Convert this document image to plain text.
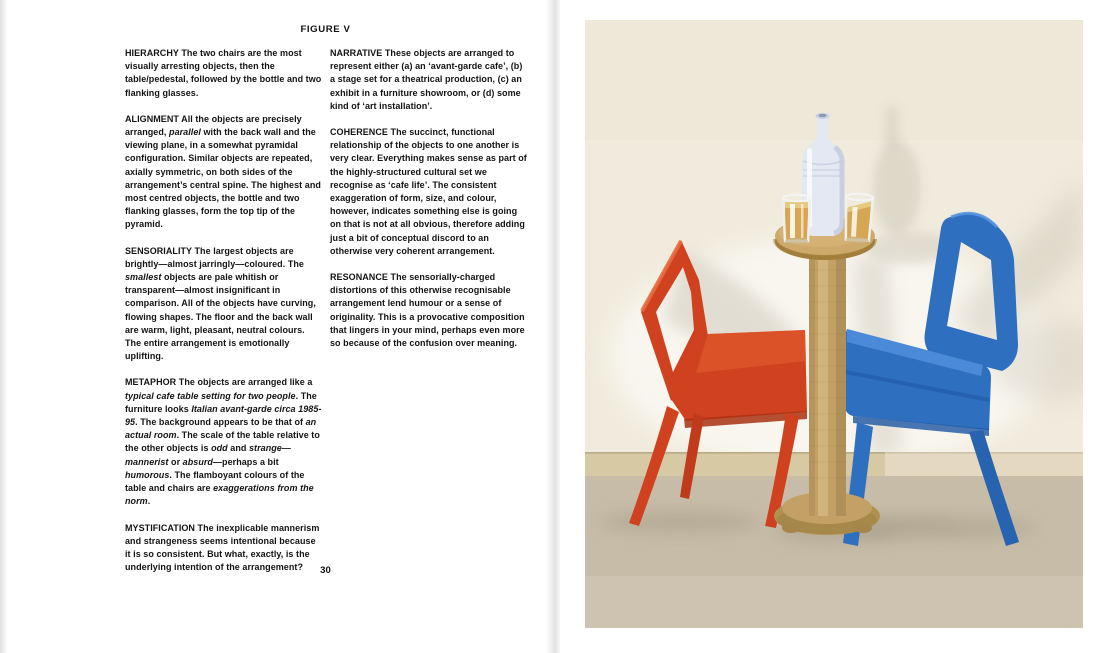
FIGURE V

HIERARCHY The two chairs are the most visually arresting objects, then the table/pedestal, followed by the bottle and two flanking glasses.

ALIGNMENT All the objects are precisely arranged, parallel with the back wall and the viewing plane, in a somewhat pyramidal configuration. Similar objects are repeated, axially symmetric, on both sides of the arrangement’s central spine. The highest and most centred objects, the bottle and two flanking glasses, form the top tip of the pyramid.

SENSORIALITY The largest objects are brightly—almost jarringly—coloured. The smallest objects are pale whitish or transparent—almost insignificant in comparison. All of the objects have curving, flowing shapes. The floor and the back wall are warm, light, pleasant, neutral colours. The entire arrangement is emotionally uplifting.

METAPHOR The objects are arranged like a typical cafe table setting for two people. The furniture looks Italian avant-garde circa 1985-95. The background appears to be that of an actual room. The scale of the table relative to the other objects is odd and strange—mannerist or absurd—perhaps a bit humorous. The flamboyant colours of the table and chairs are exaggerations from the norm.

MYSTIFICATION The inexplicable mannerism and strangeness seems intentional because it is so consistent. But what, exactly, is the underlying intention of the arrangement?

NARRATIVE These objects are arranged to represent either (a) an ‘avant-garde cafe’, (b) a stage set for a theatrical production, (c) an exhibit in a furniture showroom, or (d) some kind of ‘art installation’.

COHERENCE The succinct, functional relationship of the objects to one another is very clear. Everything makes sense as part of the highly-structured cultural set we recognise as ‘cafe life’. The consistent exaggeration of form, size, and colour, however, indicates something else is going on that is not at all obvious, therefore adding just a bit of conceptual discord to an otherwise very coherent arrangement.

RESONANCE The sensorially-charged distortions of this otherwise recognisable arrangement lend humour or a sense of originality. This is a provocative composition that lingers in your mind, perhaps even more so because of the confusion over meaning.

30
